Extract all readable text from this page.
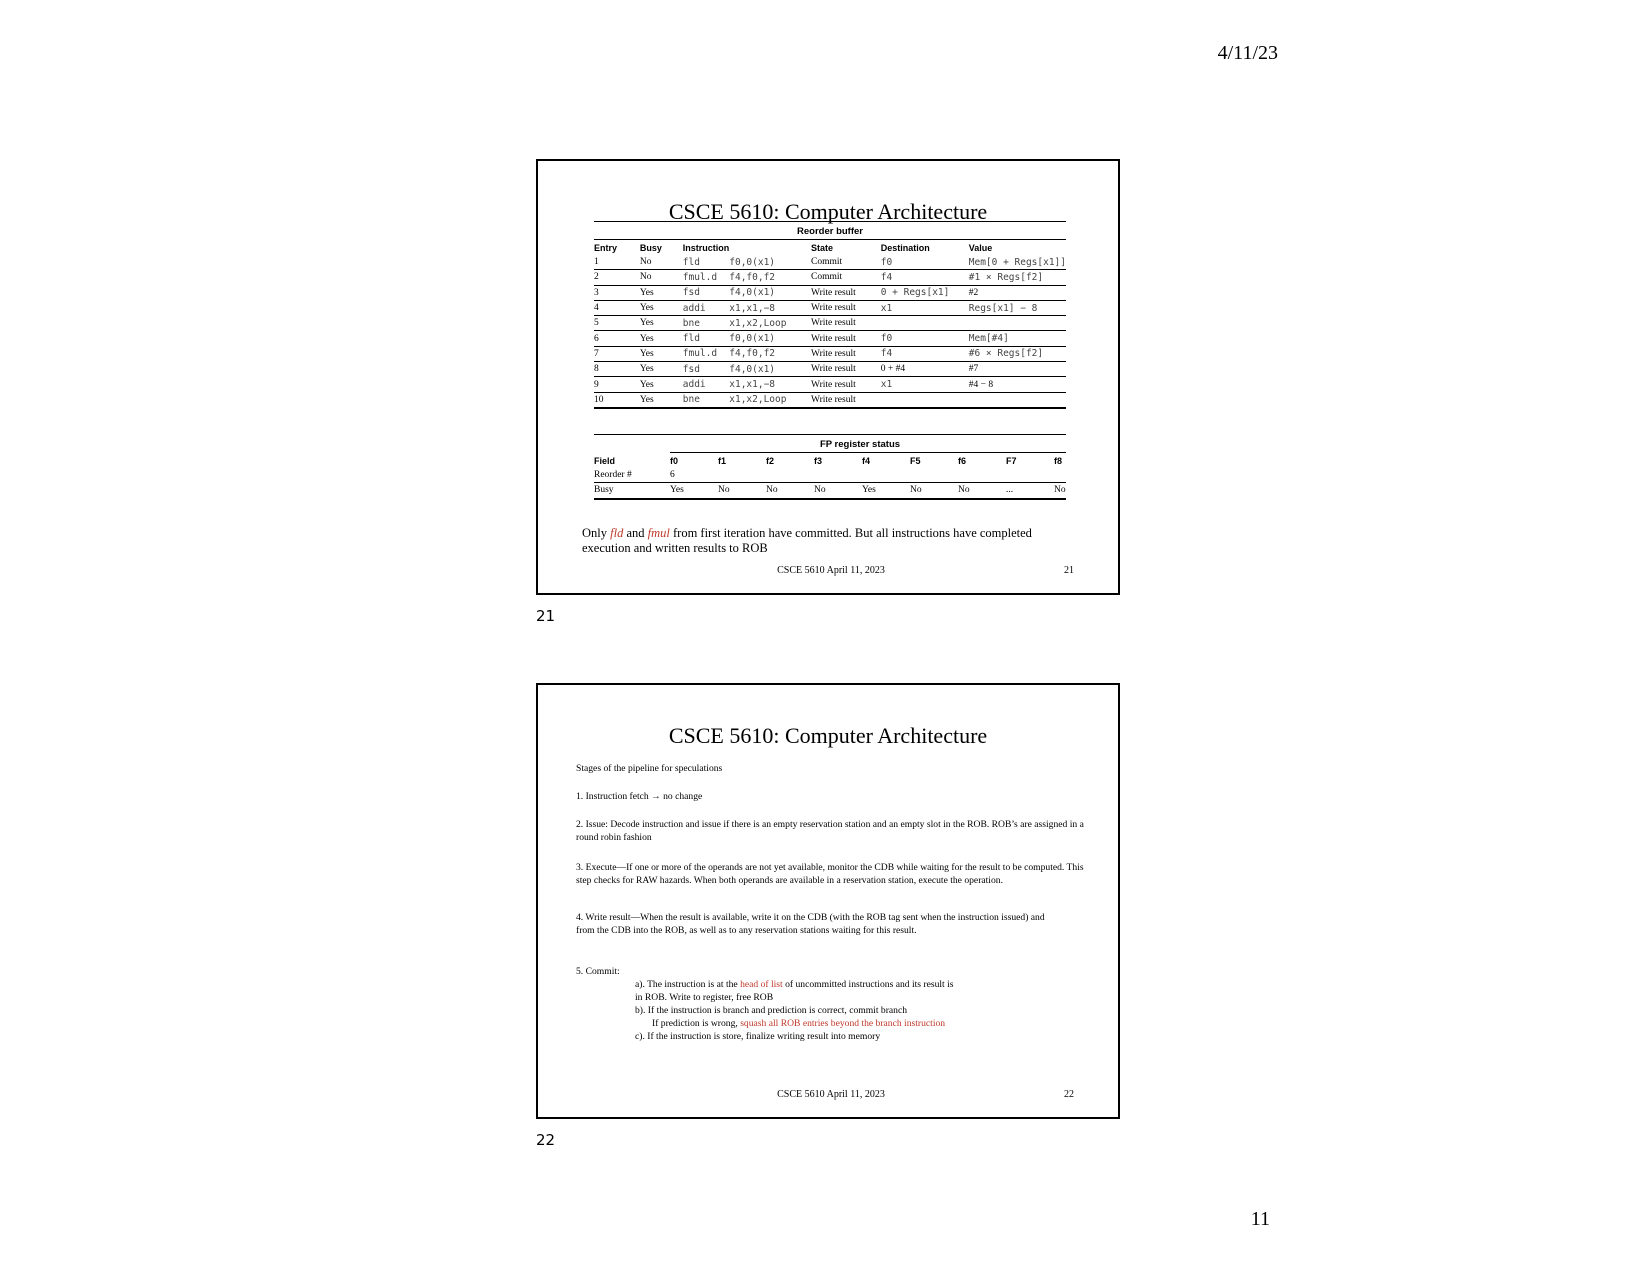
4/11/23
CSCE 5610: Computer Architecture
Reorder buffer
Entry	Busy	Instruction		State	Destination	Value
1	No	fld	f0,0(x1)	Commit	f0	Mem[0 + Regs[x1]]
2	No	fmul.d	f4,f0,f2	Commit	f4	#1 × Regs[f2]
3	Yes	fsd	f4,0(x1)	Write result	0 + Regs[x1]	#2
4	Yes	addi	x1,x1,−8	Write result	x1	Regs[x1] − 8
5	Yes	bne	x1,x2,Loop	Write result		
6	Yes	fld	f0,0(x1)	Write result	f0	Mem[#4]
7	Yes	fmul.d	f4,f0,f2	Write result	f4	#6 × Regs[f2]
8	Yes	fsd	f4,0(x1)	Write result	0 + #4	#7
9	Yes	addi	x1,x1,−8	Write result	x1	#4 − 8
10	Yes	bne	x1,x2,Loop	Write result		
FP register status
Field	f0	f1	f2	f3	f4	F5	f6	F7	f8
Reorder #	6								
Busy	Yes	No	No	No	Yes	No	No	...	No
Only fld and fmul from first iteration have committed. But all instructions have completed execution and written results to ROB
CSCE 5610 April 11, 2023	21
21
CSCE 5610: Computer Architecture
Stages of the pipeline for speculations
1. Instruction fetch → no change
2. Issue: Decode instruction and issue if there is an empty reservation station and an empty slot in the ROB. ROB’s are assigned in a round robin fashion
3. Execute—If one or more of the operands are not yet available, monitor the CDB while waiting for the result to be computed. This step checks for RAW hazards. When both operands are available in a reservation station, execute the operation.
4. Write result—When the result is available, write it on the CDB (with the ROB tag sent when the instruction issued) and from the CDB into the ROB, as well as to any reservation stations waiting for this result.
5. Commit:
a). The instruction is at the head of list of uncommitted instructions and its result is
in ROB. Write to register, free ROB
b). If the instruction is branch and prediction is correct, commit branch
If prediction is wrong, squash all ROB entries beyond the branch instruction
c). If the instruction is store, finalize writing result into memory
CSCE 5610 April 11, 2023	22
22
11
